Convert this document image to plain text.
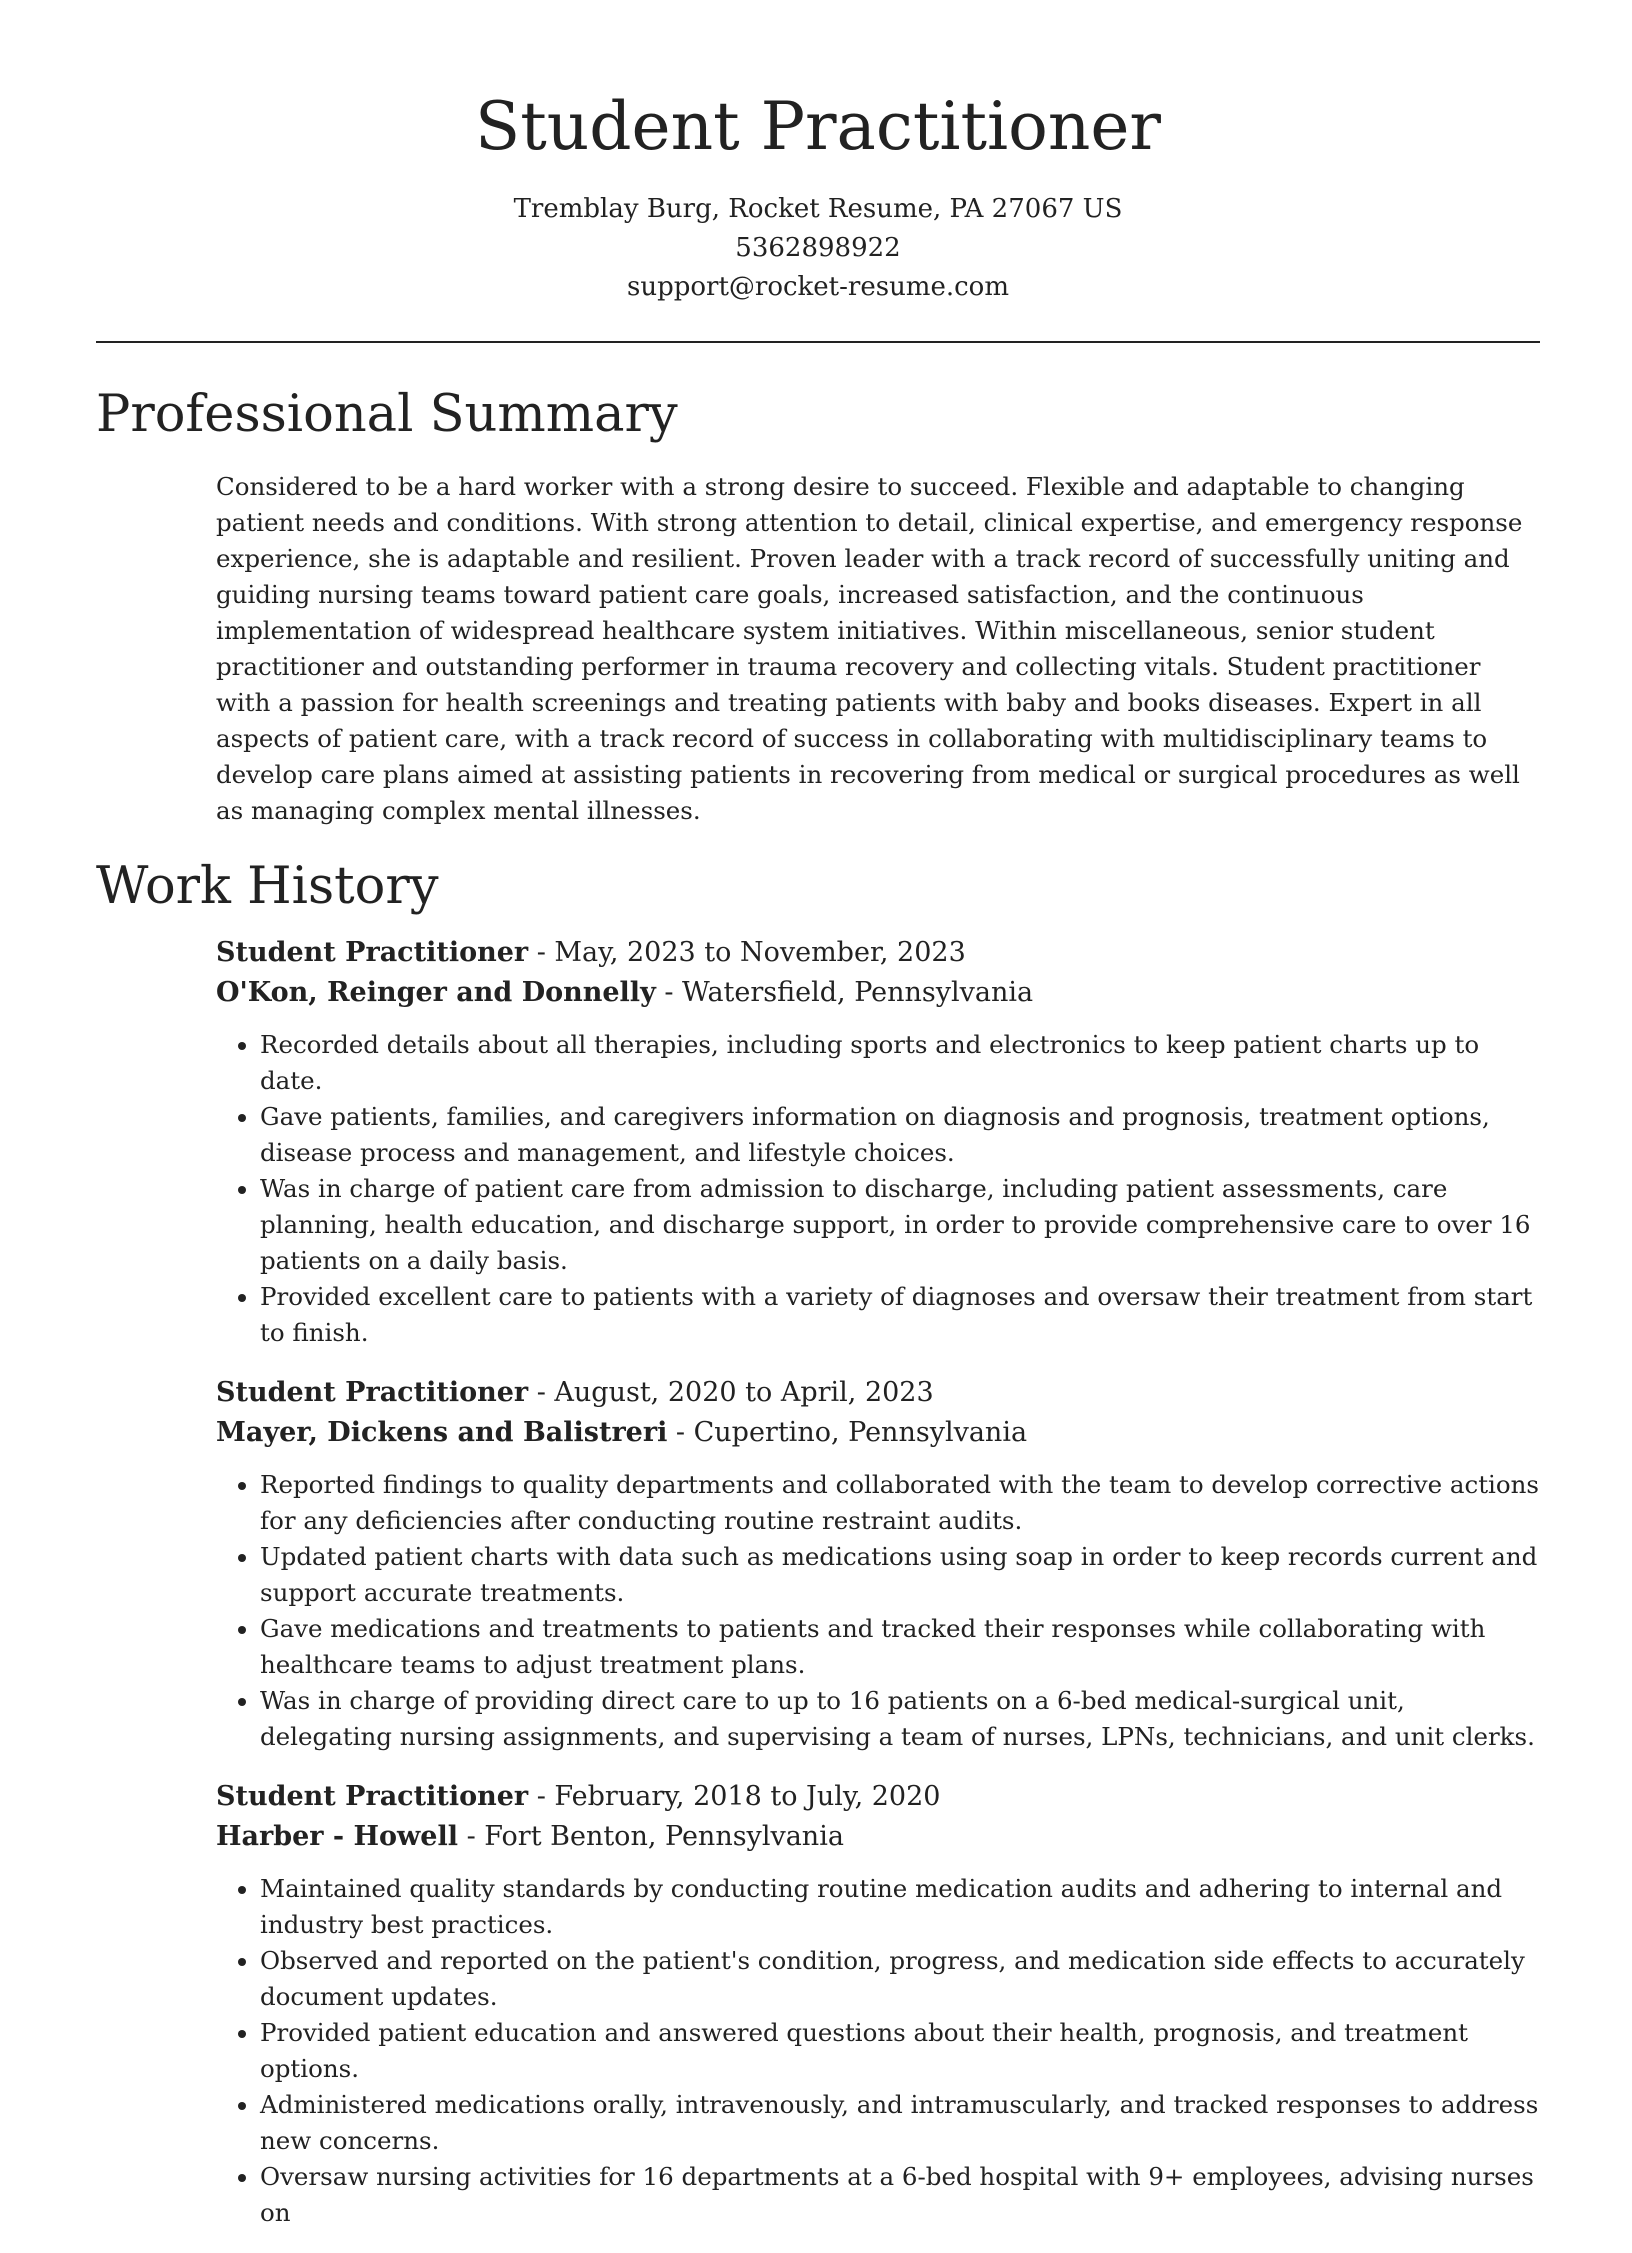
Student Practitioner
Tremblay Burg, Rocket Resume, PA 27067 US
5362898922
support@rocket-resume.com
Professional Summary

Considered to be a hard worker with a strong desire to succeed. Flexible and adaptable to changing patient needs and conditions. With strong attention to detail, clinical expertise, and emergency response experience, she is adaptable and resilient. Proven leader with a track record of successfully uniting and guiding nursing teams toward patient care goals, increased satisfaction, and the continuous implementation of widespread healthcare system initiatives. Within miscellaneous, senior student practitioner and outstanding performer in trauma recovery and collecting vitals. Student practitioner with a passion for health screenings and treating patients with baby and books diseases. Expert in all aspects of patient care, with a track record of success in collaborating with multidisciplinary teams to develop care plans aimed at assisting patients in recovering from medical or surgical procedures as well as managing complex mental illnesses.

Work History
Student Practitioner - May, 2023 to November, 2023
O'Kon, Reinger and Donnelly - Watersfield, Pennsylvania
• Recorded details about all therapies, including sports and electronics to keep patient charts up to date.
• Gave patients, families, and caregivers information on diagnosis and prognosis, treatment options, disease process and management, and lifestyle choices.
• Was in charge of patient care from admission to discharge, including patient assessments, care planning, health education, and discharge support, in order to provide comprehensive care to over 16 patients on a daily basis.
• Provided excellent care to patients with a variety of diagnoses and oversaw their treatment from start to finish.
Student Practitioner - August, 2020 to April, 2023
Mayer, Dickens and Balistreri - Cupertino, Pennsylvania
• Reported findings to quality departments and collaborated with the team to develop corrective actions for any deficiencies after conducting routine restraint audits.
• Updated patient charts with data such as medications using soap in order to keep records current and support accurate treatments.
• Gave medications and treatments to patients and tracked their responses while collaborating with healthcare teams to adjust treatment plans.
• Was in charge of providing direct care to up to 16 patients on a 6-bed medical-surgical unit, delegating nursing assignments, and supervising a team of nurses, LPNs, technicians, and unit clerks.
Student Practitioner - February, 2018 to July, 2020
Harber - Howell - Fort Benton, Pennsylvania
• Maintained quality standards by conducting routine medication audits and adhering to internal and industry best practices.
• Observed and reported on the patient's condition, progress, and medication side effects to accurately document updates.
• Provided patient education and answered questions about their health, prognosis, and treatment options.
• Administered medications orally, intravenously, and intramuscularly, and tracked responses to address new concerns.
• Oversaw nursing activities for 16 departments at a 6-bed hospital with 9+ employees, advising nurses on
